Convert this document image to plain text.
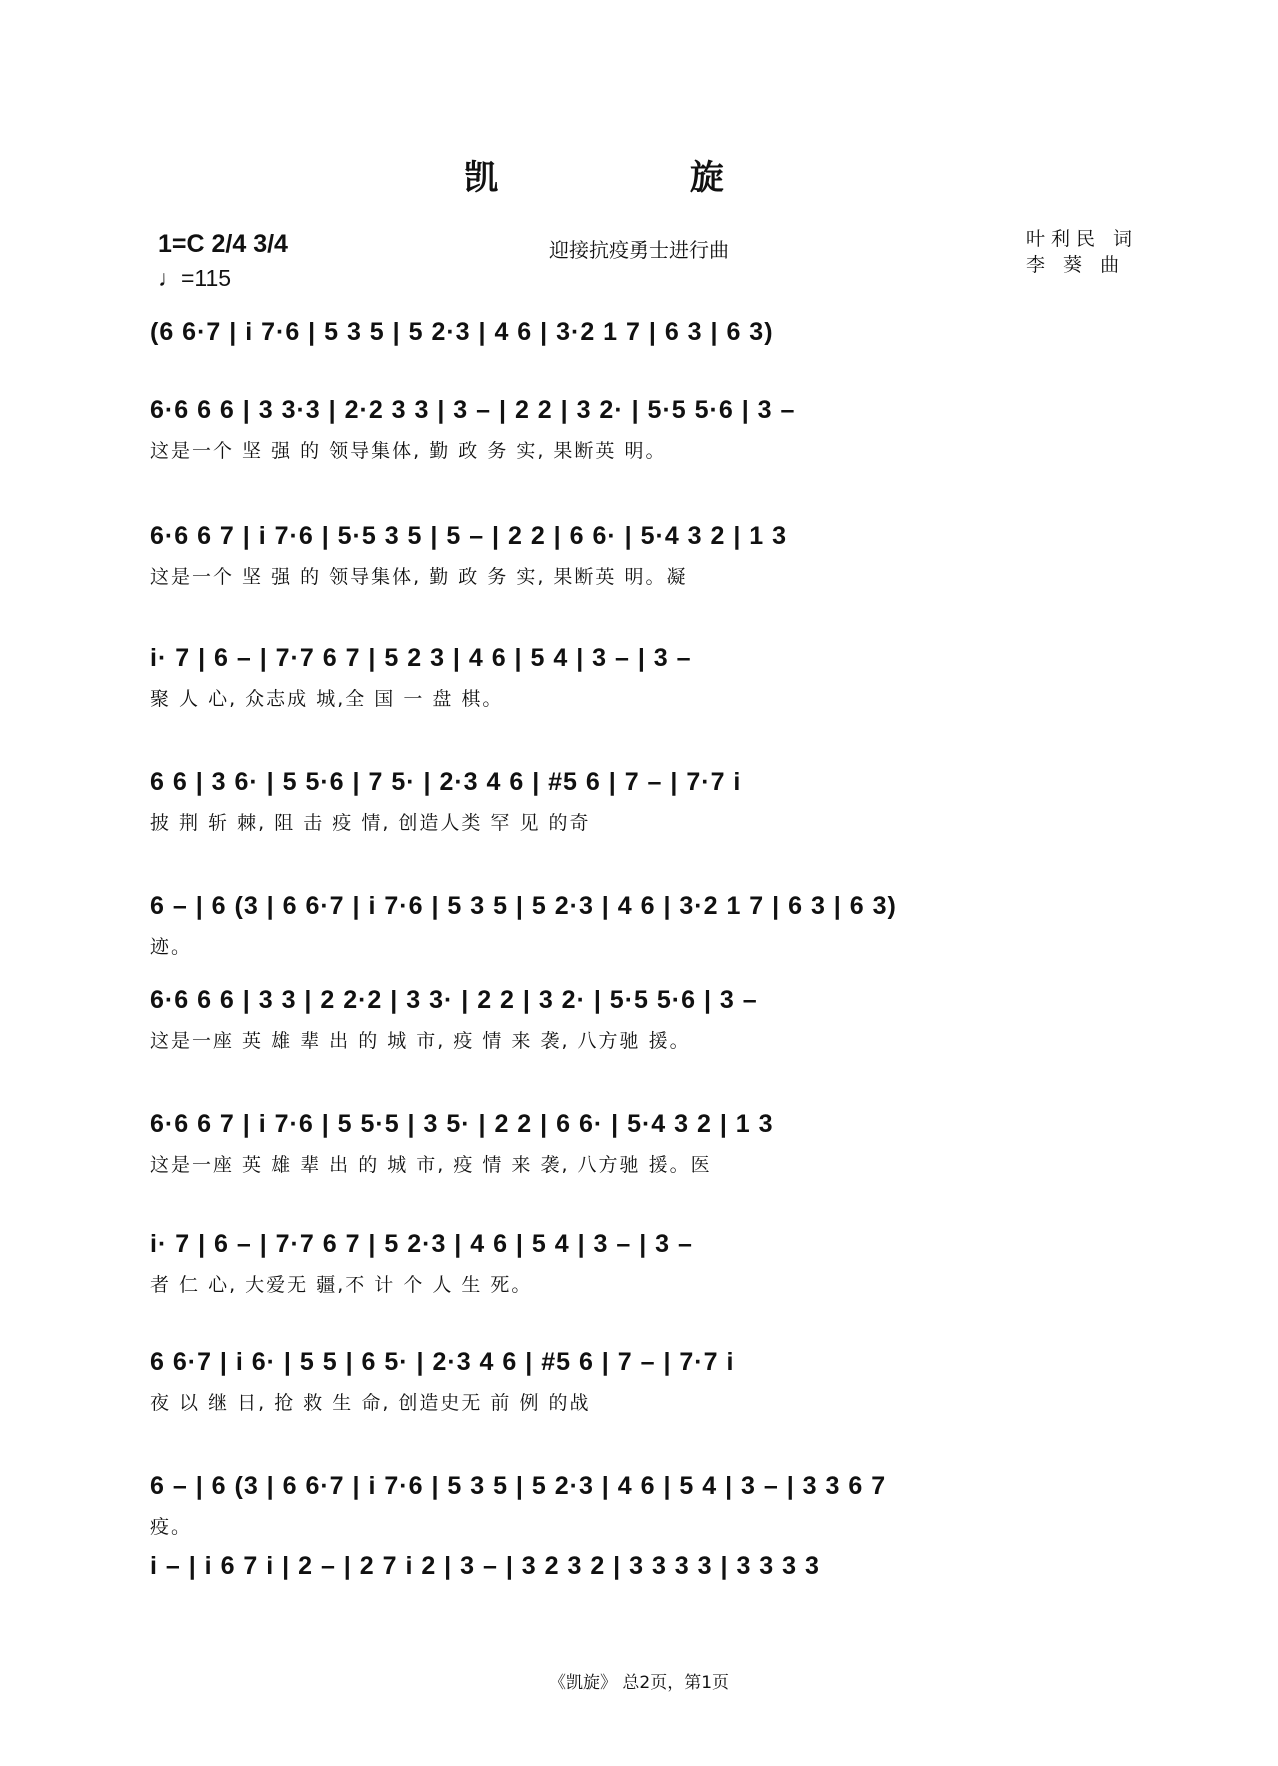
凯 旋
1=C 2/4 3/4
♩=115
迎接抗疫勇士进行曲	叶利民 词
李 葵 曲
(6 6·7 | i 7·6 | 5 3 5 | 5 2·3 | 4 6 | 3·2 1 7 | 6 3 | 6 3)
6·6 6 6 | 3 3·3 | 2·2 3 3 | 3 – | 2 2 | 3 2· | 5·5 5·6 | 3 –
这是一个 坚 强 的 领导集体, 勤 政 务 实, 果断英 明。
6·6 6 7 | i 7·6 | 5·5 3 5 | 5 – | 2 2 | 6 6· | 5·4 3 2 | 1 3
这是一个 坚 强 的 领导集体, 勤 政 务 实, 果断英 明。凝
i· 7 | 6 – | 7·7 6 7 | 5 2 3 | 4 6 | 5 4 | 3 – | 3 –
聚 人 心, 众志成 城,全 国 一 盘 棋。
6 6 | 3 6· | 5 5·6 | 7 5· | 2·3 4 6 | #5 6 | 7 – | 7·7 i
披 荆 斩 棘, 阻 击 疫 情, 创造人类 罕 见 的奇
6 – | 6 (3 | 6 6·7 | i 7·6 | 5 3 5 | 5 2·3 | 4 6 | 3·2 1 7 | 6 3 | 6 3)
迹。
6·6 6 6 | 3 3 | 2 2·2 | 3 3· | 2 2 | 3 2· | 5·5 5·6 | 3 –
这是一座 英 雄 辈 出 的 城 市, 疫 情 来 袭, 八方驰 援。
6·6 6 7 | i 7·6 | 5 5·5 | 3 5· | 2 2 | 6 6· | 5·4 3 2 | 1 3
这是一座 英 雄 辈 出 的 城 市, 疫 情 来 袭, 八方驰 援。医
i· 7 | 6 – | 7·7 6 7 | 5 2·3 | 4 6 | 5 4 | 3 – | 3 –
者 仁 心, 大爱无 疆,不 计 个 人 生 死。
6 6·7 | i 6· | 5 5 | 6 5· | 2·3 4 6 | #5 6 | 7 – | 7·7 i
夜 以 继 日, 抢 救 生 命, 创造史无 前 例 的战
6 – | 6 (3 | 6 6·7 | i 7·6 | 5 3 5 | 5 2·3 | 4 6 | 5 4 | 3 – | 3 3 6 7
疫。
i – | i 6 7 i | 2 – | 2 7 i 2 | 3 – | 3 2 3 2 | 3 3 3 3 | 3 3 3 3
《凯旋》 总2页，第1页
